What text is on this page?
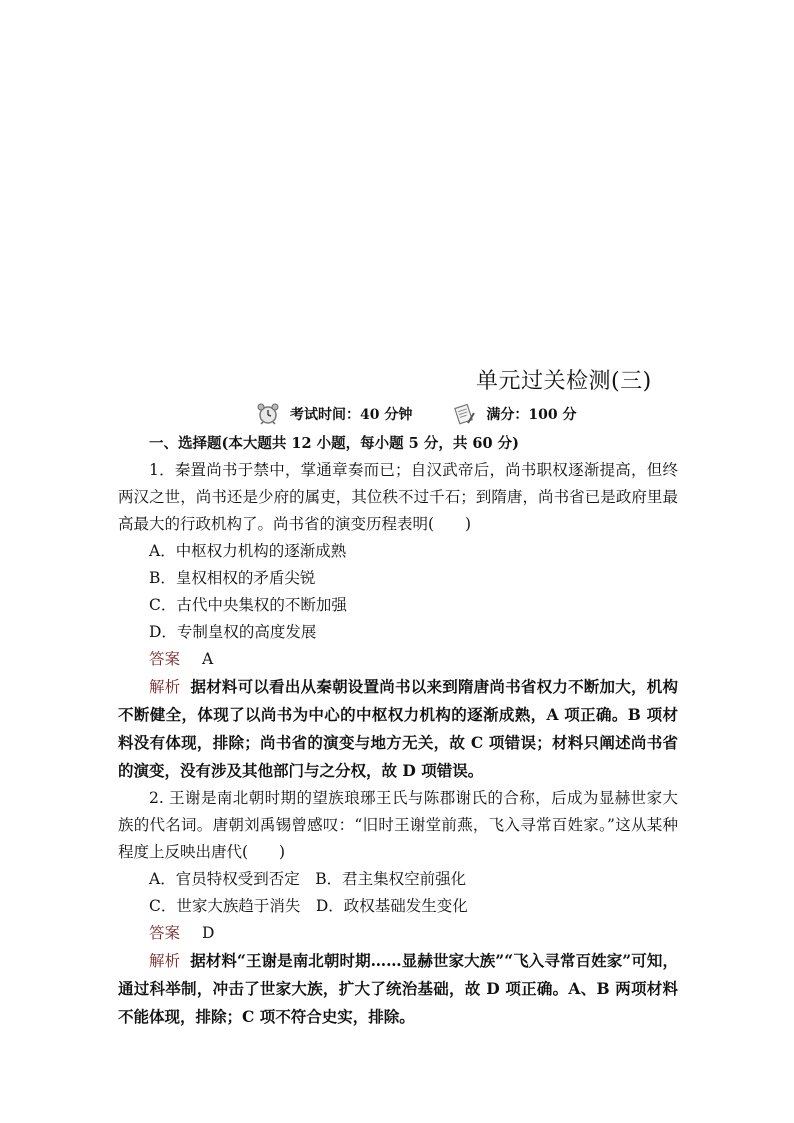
单元过关检测(三)
考试时间：40 分钟	满分：100 分

一、选择题(本大题共 12 小题，每小题 5 分，共 60 分)

1．秦置尚书于禁中，掌通章奏而已；自汉武帝后，尚书职权逐渐提高，但终两汉之世，尚书还是少府的属吏，其位秩不过千石；到隋唐，尚书省已是政府里最高最大的行政机构了。尚书省的演变历程表明(　　)

A．中枢权力机构的逐渐成熟

B．皇权相权的矛盾尖锐

C．古代中央集权的不断加强

D．专制皇权的高度发展

答案 A

解析 据材料可以看出从秦朝设置尚书以来到隋唐尚书省权力不断加大，机构不断健全，体现了以尚书为中心的中枢权力机构的逐渐成熟，A 项正确。B 项材料没有体现，排除；尚书省的演变与地方无关，故 C 项错误；材料只阐述尚书省的演变，没有涉及其他部门与之分权，故 D 项错误。

2. 王谢是南北朝时期的望族琅琊王氏与陈郡谢氏的合称，后成为显赫世家大族的代名词。唐朝刘禹锡曾感叹：“旧时王谢堂前燕，飞入寻常百姓家。”这从某种程度上反映出唐代(　　)

A．官员特权受到否定　B．君主集权空前强化

C．世家大族趋于消失　D．政权基础发生变化

答案 D

解析 据材料“王谢是南北朝时期……显赫世家大族”“飞入寻常百姓家”可知，通过科举制，冲击了世家大族，扩大了统治基础，故 D 项正确。A、B 两项材料不能体现，排除；C 项不符合史实，排除。
